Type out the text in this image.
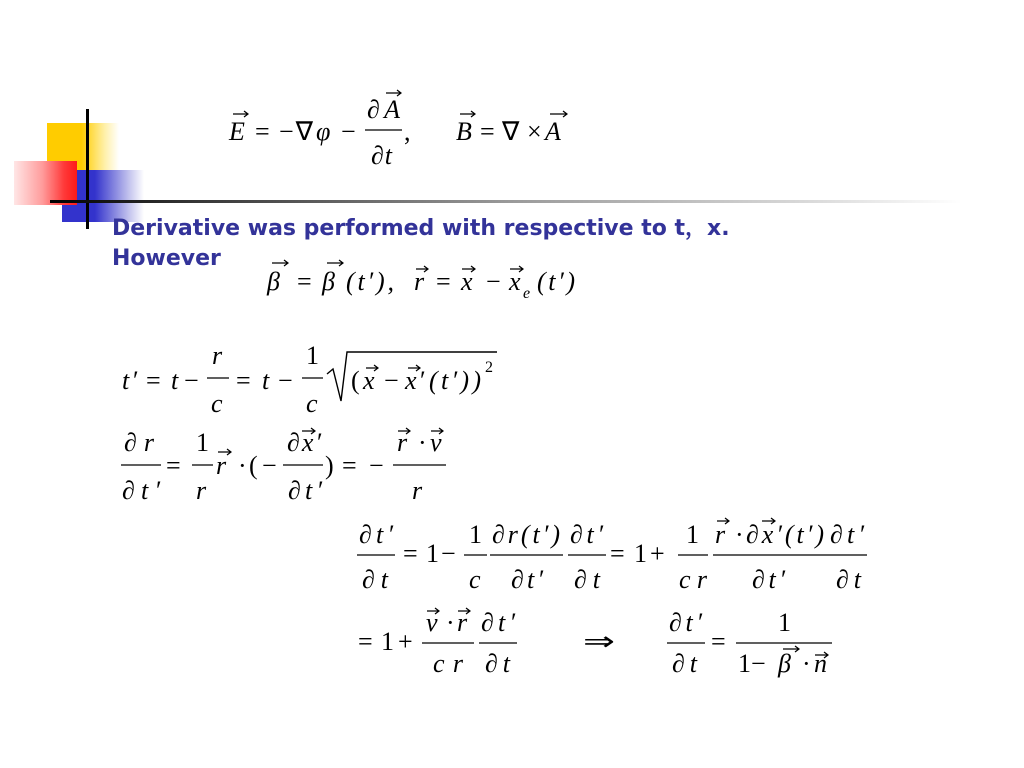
Derivative was performed with respective to t，x.
However
E = −∇ φ −
∂A
∂t
, B = ∇ × A
β = β (t′), r = x − x e (t′)
t′ = t −
r
c
= t −
1
c
( x − x′ (t′)) 2
∂r
∂t′
=
1
r
r · ( −
∂x′
∂t′
) = −
r · v
r
∂t′
∂t
= 1 −
1
c
∂r(t′)
∂t′
∂t′
∂t
= 1 +
1
cr
r · ∂x′(t′)
∂t′
∂t′
∂t
= 1 +
v · r
cr
∂t′
∂t
⇒
∂t′
∂t
=
1
1 − β · n
